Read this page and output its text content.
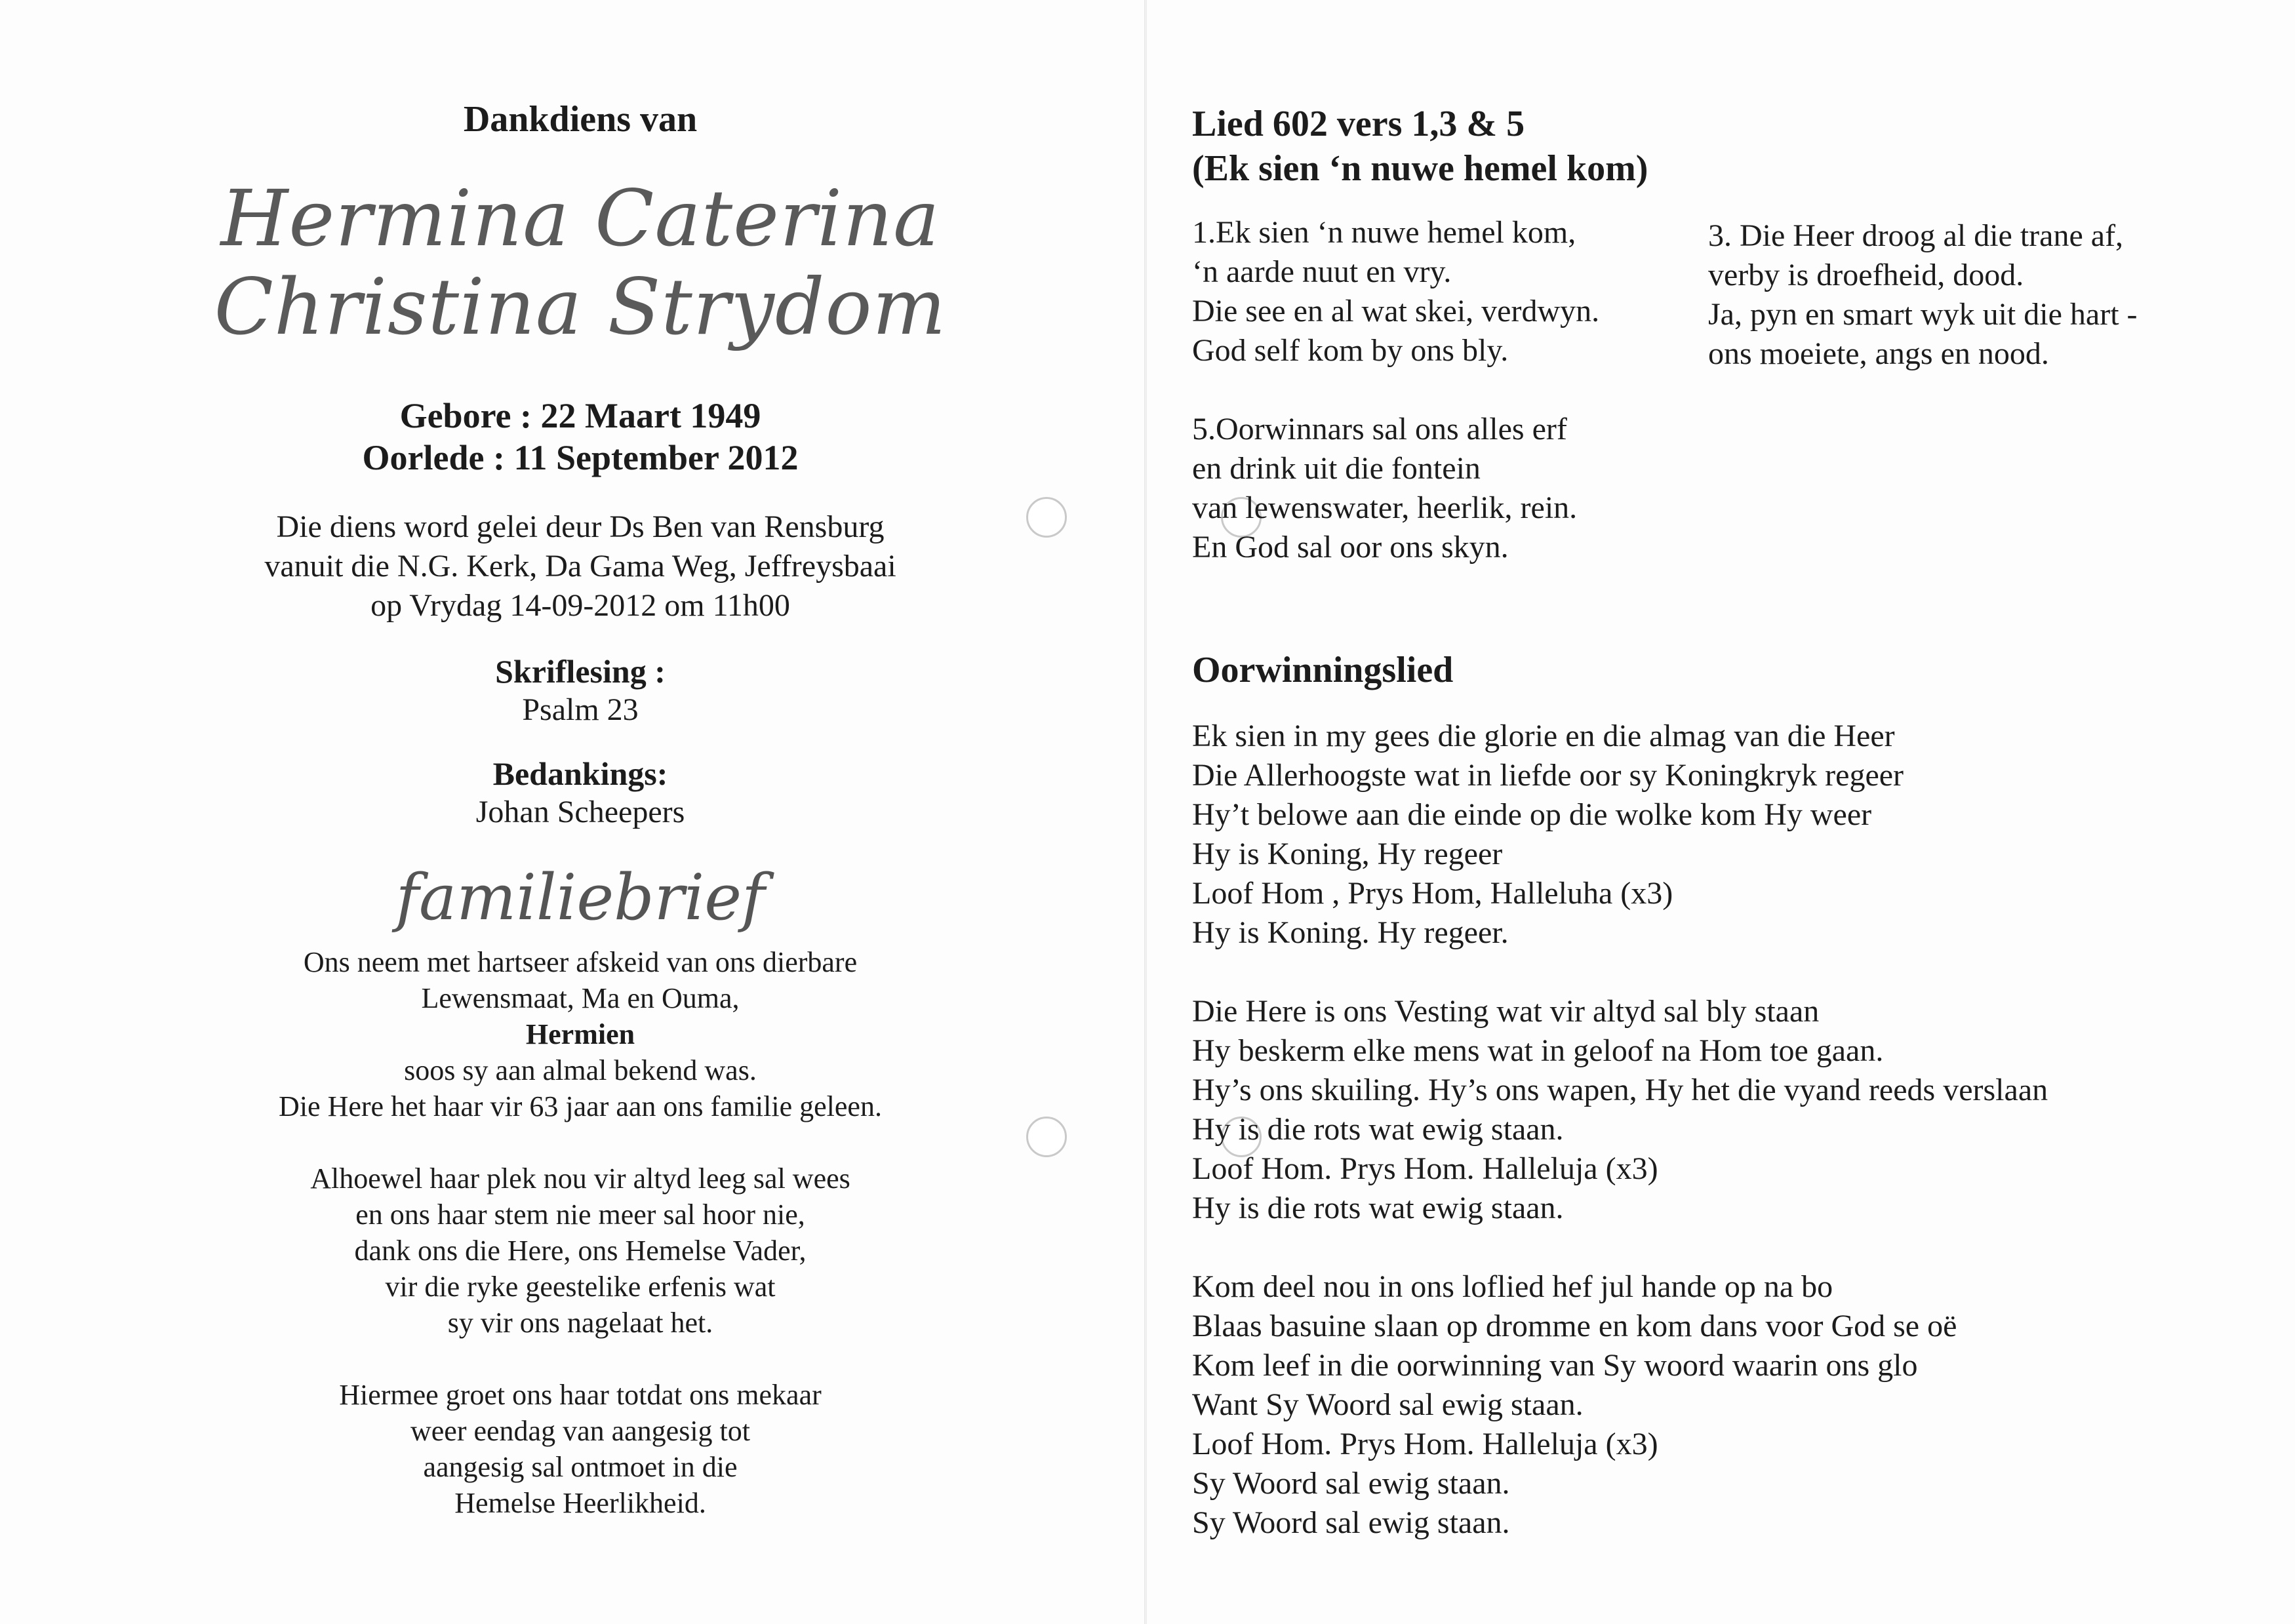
Dankdiens van
Hermina Caterina
Christina Strydom
Gebore : 22 Maart 1949
Oorlede : 11 September 2012
Die diens word gelei deur Ds Ben van Rensburg
vanuit die N.G. Kerk, Da Gama Weg, Jeffreysbaai
op Vrydag 14-09-2012 om 11h00
Skriflesing :
Psalm 23
Bedankings:
Johan Scheepers
familiebrief
Ons neem met hartseer afskeid van ons dierbare
Lewensmaat, Ma en Ouma,
Hermien
soos sy aan almal bekend was.
Die Here het haar vir 63 jaar aan ons familie geleen.
Alhoewel haar plek nou vir altyd leeg sal wees
en ons haar stem nie meer sal hoor nie,
dank ons die Here, ons Hemelse Vader,
vir die ryke geestelike erfenis wat
sy vir ons nagelaat het.
Hiermee groet ons haar totdat ons mekaar
weer eendag van aangesig tot
aangesig sal ontmoet in die
Hemelse Heerlikheid.
Lied 602 vers 1,3 & 5
(Ek sien ‘n nuwe hemel kom)
1.Ek sien ‘n nuwe hemel kom,
‘n aarde nuut en vry.
Die see en al wat skei, verdwyn.
God self kom by ons bly.
3. Die Heer droog al die trane af,
verby is droefheid, dood.
Ja, pyn en smart wyk uit die hart -
ons moeiete, angs en nood.
5.Oorwinnars sal ons alles erf
en drink uit die fontein
van lewenswater, heerlik, rein.
En God sal oor ons skyn.
Oorwinningslied
Ek sien in my gees die glorie en die almag van die Heer
Die Allerhoogste wat in liefde oor sy Koningkryk regeer
Hy’t belowe aan die einde op die wolke kom Hy weer
Hy is Koning, Hy regeer
Loof Hom , Prys Hom, Halleluha (x3)
Hy is Koning. Hy regeer.
Die Here is ons Vesting wat vir altyd sal bly staan
Hy beskerm elke mens wat in geloof na Hom toe gaan.
Hy’s ons skuiling. Hy’s ons wapen, Hy het die vyand reeds verslaan
Hy is die rots wat ewig staan.
Loof Hom. Prys Hom. Halleluja (x3)
Hy is die rots wat ewig staan.
Kom deel nou in ons loflied hef jul hande op na bo
Blaas basuine slaan op dromme en kom dans voor God se oë
Kom leef in die oorwinning van Sy woord waarin ons glo
Want Sy Woord sal ewig staan.
Loof Hom. Prys Hom. Halleluja (x3)
Sy Woord sal ewig staan.
Sy Woord sal ewig staan.
